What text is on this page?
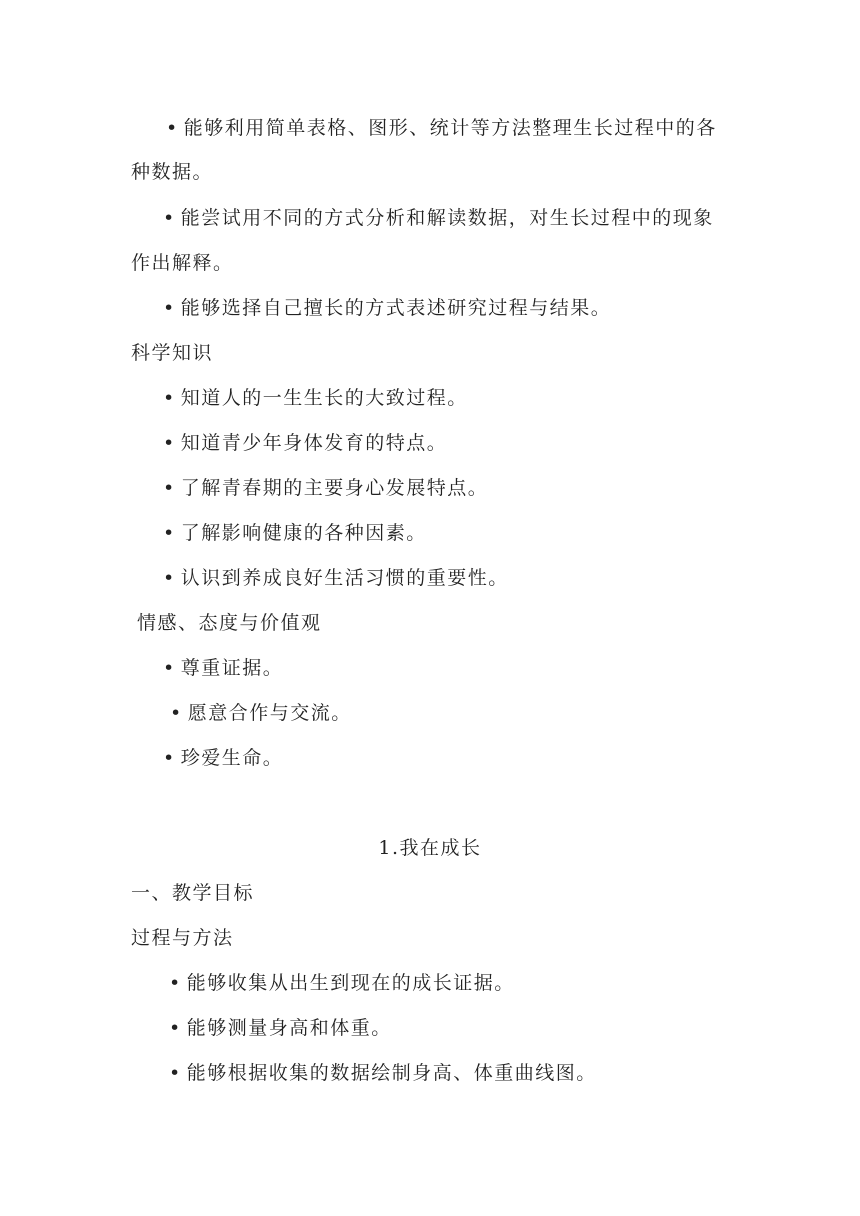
• 能够利用简单表格、图形、统计等方法整理生长过程中的各
种数据。
• 能尝试用不同的方式分析和解读数据，对生长过程中的现象
作出解释。
• 能够选择自己擅长的方式表述研究过程与结果。
科学知识
• 知道人的一生生长的大致过程。
• 知道青少年身体发育的特点。
• 了解青春期的主要身心发展特点。
• 了解影响健康的各种因素。
• 认识到养成良好生活习惯的重要性。
情感、态度与价值观
• 尊重证据。
• 愿意合作与交流。
• 珍爱生命。
1.我在成长
一、教学目标
过程与方法
• 能够收集从出生到现在的成长证据。
• 能够测量身高和体重。
• 能够根据收集的数据绘制身高、体重曲线图。
